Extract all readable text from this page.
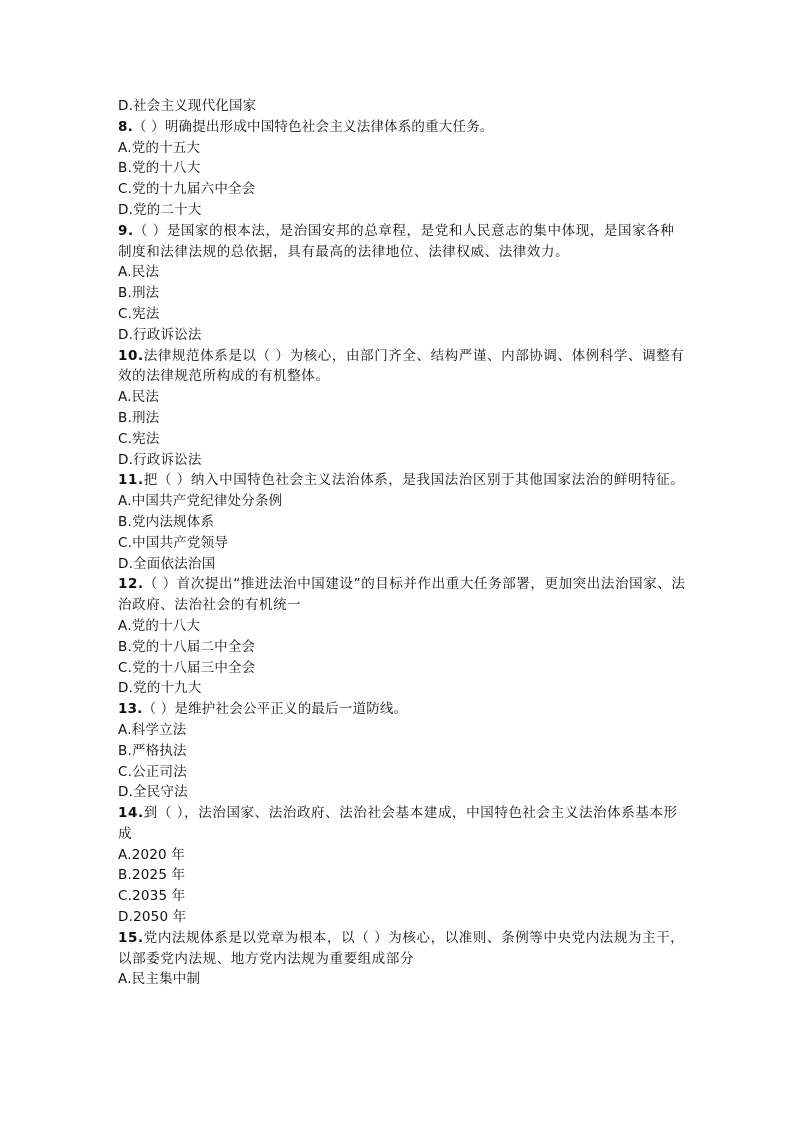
D.社会主义现代化国家
8.（ ）明确提出形成中国特色社会主义法律体系的重大任务。
A.党的十五大
B.党的十八大
C.党的十九届六中全会
D.党的二十大
9.（ ）是国家的根本法，是治国安邦的总章程，是党和人民意志的集中体现，是国家各种制度和法律法规的总依据，具有最高的法律地位、法律权威、法律效力。
A.民法
B.刑法
C.宪法
D.行政诉讼法
10.法律规范体系是以（ ）为核心，由部门齐全、结构严谨、内部协调、体例科学、调整有效的法律规范所构成的有机整体。
A.民法
B.刑法
C.宪法
D.行政诉讼法
11.把（ ）纳入中国特色社会主义法治体系，是我国法治区别于其他国家法治的鲜明特征。
A.中国共产党纪律处分条例
B.党内法规体系
C.中国共产党领导
D.全面依法治国
12.（ ）首次提出“推进法治中国建设”的目标并作出重大任务部署，更加突出法治国家、法治政府、法治社会的有机统一
A.党的十八大
B.党的十八届二中全会
C.党的十八届三中全会
D.党的十九大
13.（ ）是维护社会公平正义的最后一道防线。
A.科学立法
B.严格执法
C.公正司法
D.全民守法
14.到（ ），法治国家、法治政府、法治社会基本建成，中国特色社会主义法治体系基本形成
A.2020 年
B.2025 年
C.2035 年
D.2050 年
15.党内法规体系是以党章为根本，以（ ）为核心，以准则、条例等中央党内法规为主干，以部委党内法规、地方党内法规为重要组成部分
A.民主集中制
